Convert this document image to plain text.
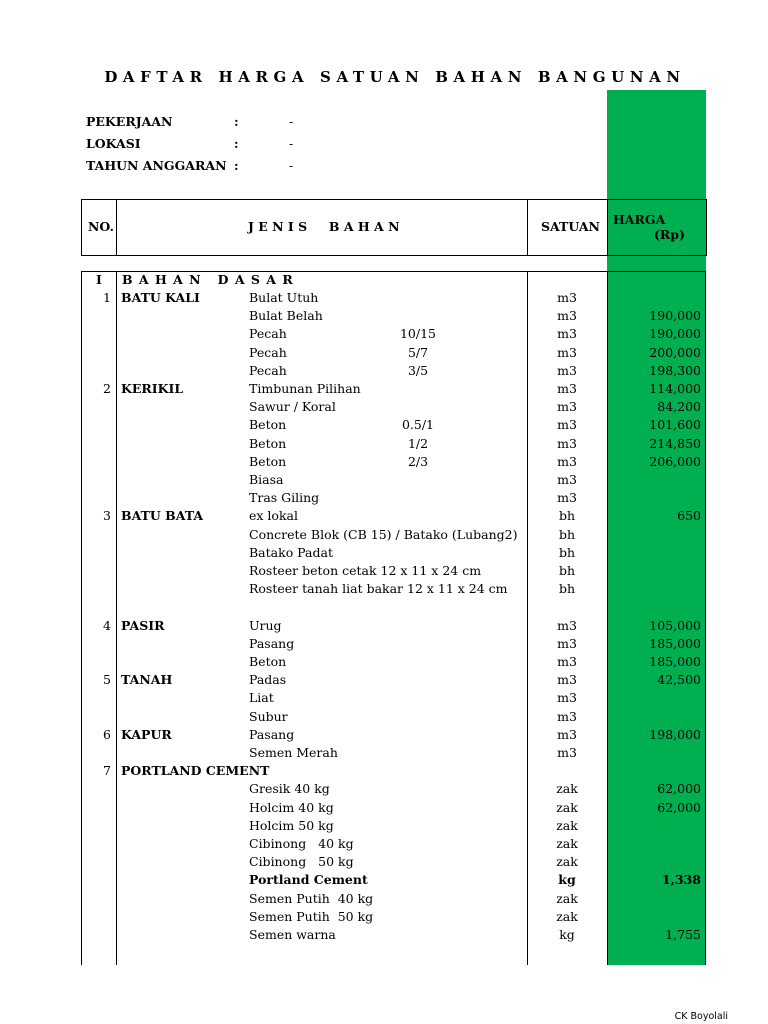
DAFTAR HARGA SATUAN BAHAN BANGUNAN
PEKERJAAN	:	-
LOKASI	:	-
TAHUN ANGGARAN :	-
NO.	J E N I S     B A H A N	SATUAN HARGA
(Rp)
I B A H A N   D A S A R
1 BATU KALI	Bulat Utuh	m3
Bulat Belah	m3	190,000
Pecah	10/15	m3	190,000
Pecah	5/7	m3	200,000
Pecah	3/5	m3	198,300
2 KERIKIL	Timbunan Pilihan	m3	114,000
Sawur / Koral	m3	84,200
Beton	0.5/1	m3	101,600
Beton	1/2	m3	214,850
Beton	2/3	m3	206,000
Biasa	m3
Tras Giling	m3
3 BATU BATA	ex lokal	bh	650
Concrete Blok (CB 15) / Batako (Lubang2)	bh
Batako Padat	bh
Rosteer beton cetak 12 x 11 x 24 cm	bh
Rosteer tanah liat bakar 12 x 11 x 24 cm	bh
4 PASIR	Urug	m3	105,000
Pasang	m3	185,000
Beton	m3	185,000
5 TANAH	Padas	m3	42,500
Liat	m3
Subur	m3
6 KAPUR	Pasang	m3	198,000
Semen Merah	m3
7 PORTLAND CEMENT
Gresik 40 kg	zak	62,000
Holcim 40 kg	zak	62,000
Holcim 50 kg	zak
Cibinong   40 kg	zak
Cibinong   50 kg	zak
Portland Cement	kg	1,338
Semen Putih  40 kg	zak
Semen Putih  50 kg	zak
Semen warna	kg	1,755
CK Boyolali
